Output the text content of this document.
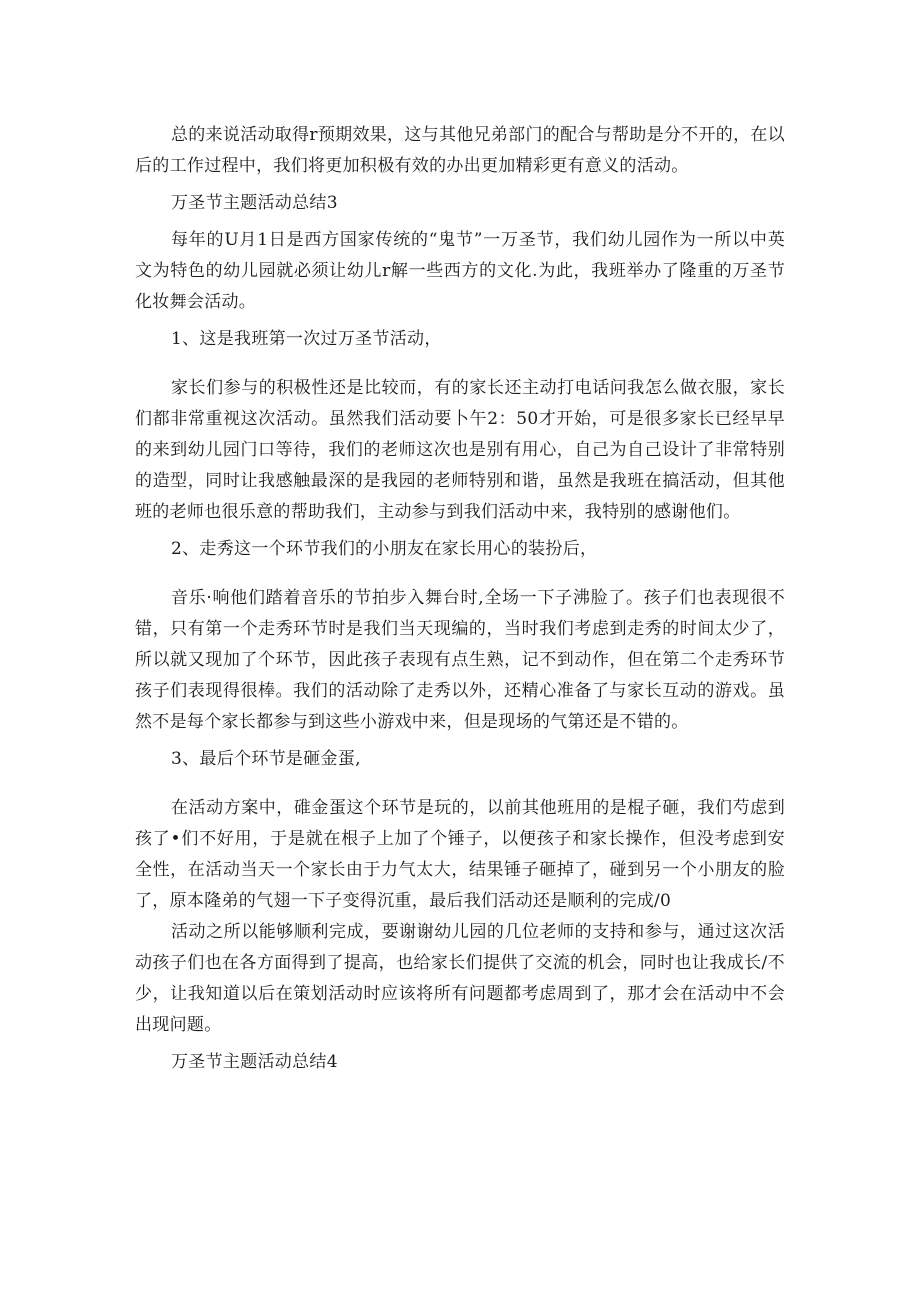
总的来说活动取得r预期效果，这与其他兄弟部门的配合与帮助是分不开的，在以后的工作过程中，我们将更加积极有效的办出更加精彩更有意义的活动。

万圣节主题活动总结3

每年的U月1日是西方国家传统的“鬼节”一万圣节，我们幼儿园作为一所以中英文为特色的幼儿园就必须让幼儿r解一些西方的文化.为此，我班举办了隆重的万圣节化妆舞会活动。

1、这是我班第一次过万圣节活动，

家长们参与的积极性还是比较而，有的家长还主动打电话问我怎么做衣服，家长们都非常重视这次活动。虽然我们活动要卜午2：50才开始，可是很多家长已经早早的来到幼儿园门口等待，我们的老师这次也是别有用心，自己为自己设计了非常特别的造型，同时让我感触最深的是我园的老师特别和谐，虽然是我班在搞活动，但其他班的老师也很乐意的帮助我们，主动参与到我们活动中来，我特别的感谢他们。

2、走秀这一个环节我们的小朋友在家长用心的装扮后，

音乐·响他们踏着音乐的节拍步入舞台时,全场一下子沸脸了。孩子们也表现很不错，只有第一个走秀环节时是我们当天现编的，当时我们考虑到走秀的时间太少了，所以就又现加了个环节，因此孩子表现有点生熟，记不到动作，但在第二个走秀环节孩子们表现得很棒。我们的活动除了走秀以外，还精心准备了与家长互动的游戏。虽然不是每个家长都参与到这些小游戏中来，但是现场的气第还是不错的。

3、最后个环节是砸金蛋,

在活动方案中，碓金蛋这个环节是玩的，以前其他班用的是棍子砸，我们芍虑到孩了•们不好用，于是就在根子上加了个锤子，以便孩子和家长操作，但没考虑到安全性，在活动当天一个家长由于力气太大，结果锤子砸掉了，碰到另一个小朋友的脸了，原本隆弟的气翅一下子变得沉重，最后我们活动还是顺利的完成/0

活动之所以能够顺利完成，要谢谢幼儿园的几位老师的支持和参与，通过这次活动孩子们也在各方面得到了提高，也给家长们提供了交流的机会，同时也让我成长/不少，让我知道以后在策划活动时应该将所有问题都考虑周到了，那才会在活动中不会出现问题。

万圣节主题活动总结4
